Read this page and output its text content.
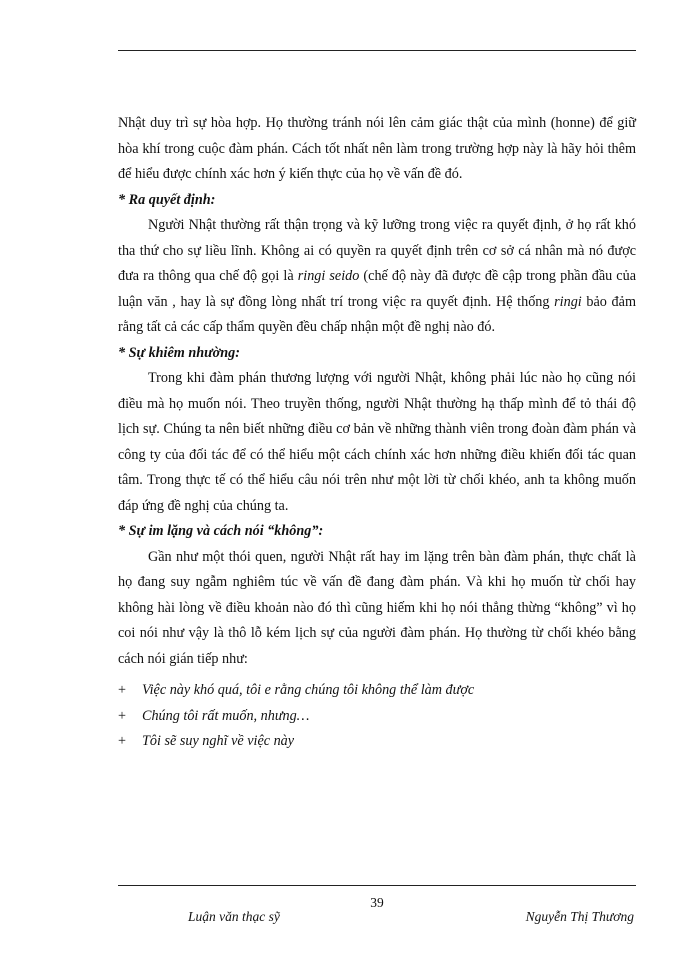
Nhật duy trì sự hòa hợp. Họ thường tránh nói lên cảm giác thật của mình (honne) để giữ hòa khí trong cuộc đàm phán. Cách tốt nhất nên làm trong trường hợp này là hãy hỏi thêm để hiểu được chính xác hơn ý kiến thực của họ về vấn đề đó.

* Ra quyết định:

Người Nhật thường rất thận trọng và kỹ lưỡng trong việc ra quyết định, ở họ rất khó tha thứ cho sự liều lĩnh. Không ai có quyền ra quyết định trên cơ sở cá nhân mà nó được đưa ra thông qua chế độ gọi là ringi seido (chế độ này đã được đề cập trong phần đầu của luận văn , hay là sự đồng lòng nhất trí trong việc ra quyết định. Hệ thống ringi bảo đảm rằng tất cả các cấp thẩm quyền đều chấp nhận một đề nghị nào đó.

* Sự khiêm nhường:

Trong khi đàm phán thương lượng với người Nhật, không phải lúc nào họ cũng nói điều mà họ muốn nói. Theo truyền thống, người Nhật thường hạ thấp mình để tỏ thái độ lịch sự. Chúng ta nên biết những điều cơ bản về những thành viên trong đoàn đàm phán và công ty của đối tác để có thể hiểu một cách chính xác hơn những điều khiến đối tác quan tâm. Trong thực tế có thể hiểu câu nói trên như một lời từ chối khéo, anh ta không muốn đáp ứng đề nghị của chúng ta.

* Sự im lặng và cách nói “không”:

Gần như một thói quen, người Nhật rất hay im lặng trên bàn đàm phán, thực chất là họ đang suy ngẫm nghiêm túc về vấn đề đang đàm phán. Và khi họ muốn từ chối hay không hài lòng về điều khoản nào đó thì cũng hiếm khi họ nói thẳng thừng “không” vì họ coi nói như vậy là thô lỗ kém lịch sự của người đàm phán. Họ thường từ chối khéo bằng cách nói gián tiếp như:

+ Việc này khó quá, tôi e rằng chúng tôi không thể làm được

+ Chúng tôi rất muốn, nhưng…

+ Tôi sẽ suy nghĩ về việc này

39
Luận văn thạc sỹ	Nguyễn Thị Thương
